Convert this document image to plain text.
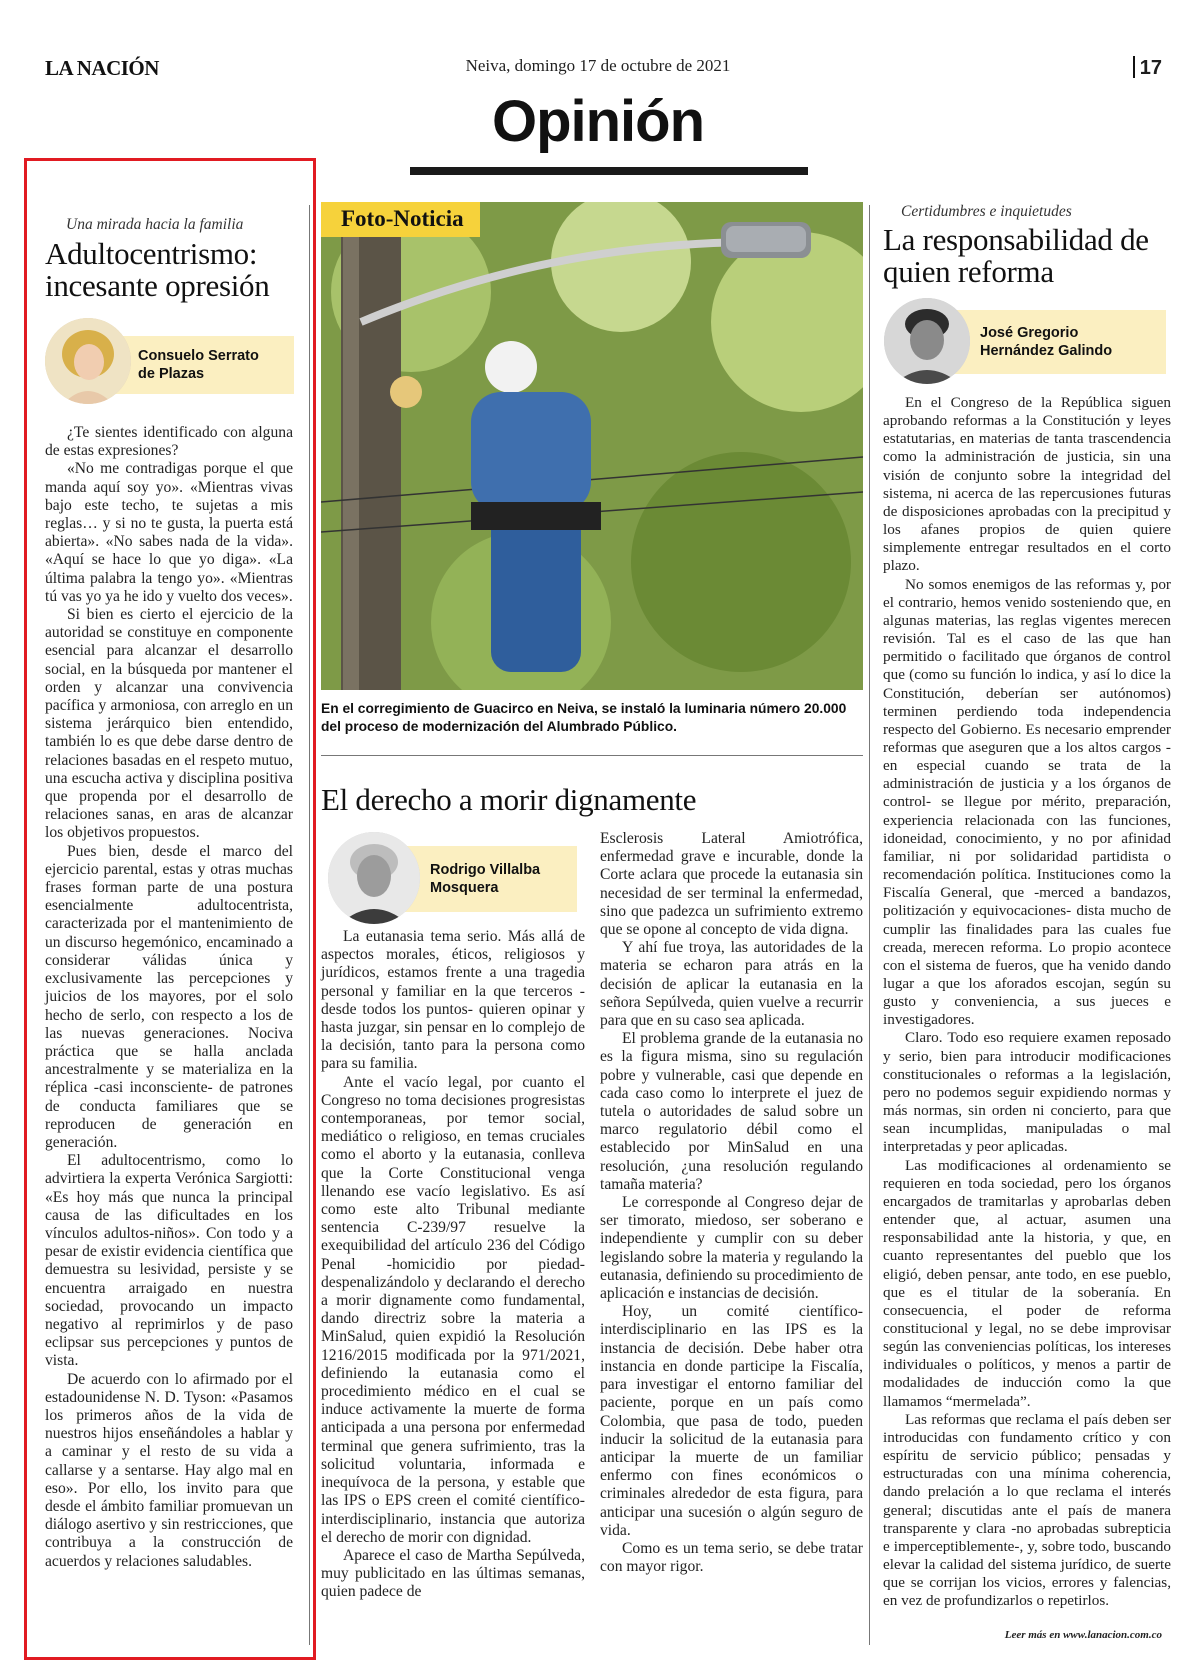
LA NACIÓN	Neiva, domingo 17 de octubre de 2021	17
Opinión
Una mirada hacia la familia
Adultocentrismo: incesante opresión
Consuelo Serrato de Plazas

¿Te sientes identificado con alguna de estas expresiones?

«No me contradigas porque el que manda aquí soy yo». «Mientras vivas bajo este techo, te sujetas a mis reglas… y si no te gusta, la puerta está abierta». «No sabes nada de la vida». «Aquí se hace lo que yo diga». «La última palabra la tengo yo». «Mientras tú vas yo ya he ido y vuelto dos veces».

Si bien es cierto el ejercicio de la autoridad se constituye en componente esencial para alcanzar el desarrollo social, en la búsqueda por mantener el orden y alcanzar una convivencia pacífica y armoniosa, con arreglo en un sistema jerárquico bien entendido, también lo es que debe darse dentro de relaciones basadas en el respeto mutuo, una escucha activa y disciplina positiva que propenda por el desarrollo de relaciones sanas, en aras de alcanzar los objetivos propuestos.

Pues bien, desde el marco del ejercicio parental, estas y otras muchas frases forman parte de una postura esencialmente adultocentrista, caracterizada por el mantenimiento de un discurso hegemónico, encaminado a considerar válidas única y exclusivamente las percepciones y juicios de los mayores, por el solo hecho de serlo, con respecto a los de las nuevas generaciones. Nociva práctica que se halla anclada ancestralmente y se materializa en la réplica -casi inconsciente- de patrones de conducta familiares que se reproducen de generación en generación.

El adultocentrismo, como lo advirtiera la experta Verónica Sargiotti: «Es hoy más que nunca la principal causa de las dificultades en los vínculos adultos-niños». Con todo y a pesar de existir evidencia científica que demuestra su lesividad, persiste y se encuentra arraigado en nuestra sociedad, provocando un impacto negativo al reprimirlos y de paso eclipsar sus percepciones y puntos de vista.

De acuerdo con lo afirmado por el estadounidense N. D. Tyson: «Pasamos los primeros años de la vida de nuestros hijos enseñándoles a hablar y a caminar y el resto de su vida a callarse y a sentarse. Hay algo mal en eso». Por ello, los invito para que desde el ámbito familiar promuevan un diálogo asertivo y sin restricciones, que contribuya a la construcción de acuerdos y relaciones saludables.

Foto-Noticia
En el corregimiento de Guacirco en Neiva, se instaló la luminaria número 20.000 del proceso de modernización del Alumbrado Público.
El derecho a morir dignamente
Rodrigo Villalba Mosquera

La eutanasia tema serio. Más allá de aspectos morales, éticos, religiosos y jurídicos, estamos frente a una tragedia personal y familiar en la que terceros -desde todos los puntos- quieren opinar y hasta juzgar, sin pensar en lo complejo de la decisión, tanto para la persona como para su familia.

Ante el vacío legal, por cuanto el Congreso no toma decisiones progresistas contemporaneas, por temor social, mediático o religioso, en temas cruciales como el aborto y la eutanasia, conlleva que la Corte Constitucional venga llenando ese vacío legislativo. Es así como este alto Tribunal mediante sentencia C-239/97 resuelve la exequibilidad del artículo 236 del Código Penal -homicidio por piedad- despenalizándolo y declarando el derecho a morir dignamente como fundamental, dando directriz sobre la materia a MinSalud, quien expidió la Resolución 1216/2015 modificada por la 971/2021, definiendo la eutanasia como el procedimiento médico en el cual se induce activamente la muerte de forma anticipada a una persona por enfermedad terminal que genera sufrimiento, tras la solicitud voluntaria, informada e inequívoca de la persona, y estable que las IPS o EPS creen el comité científico-interdisciplinario, instancia que autoriza el derecho de morir con dignidad.

Aparece el caso de Martha Sepúlveda, muy publicitado en las últimas semanas, quien padece de

Esclerosis Lateral Amiotrófica, enfermedad grave e incurable, donde la Corte aclara que procede la eutanasia sin necesidad de ser terminal la enfermedad, sino que padezca un sufrimiento extremo que se opone al concepto de vida digna.

Y ahí fue troya, las autoridades de la materia se echaron para atrás en la decisión de aplicar la eutanasia en la señora Sepúlveda, quien vuelve a recurrir para que en su caso sea aplicada.

El problema grande de la eutanasia no es la figura misma, sino su regulación pobre y vulnerable, casi que depende en cada caso como lo interprete el juez de tutela o autoridades de salud sobre un marco regulatorio débil como el establecido por MinSalud en una resolución, ¿una resolución regulando tamaña materia?

Le corresponde al Congreso dejar de ser timorato, miedoso, ser soberano e independiente y cumplir con su deber legislando sobre la materia y regulando la eutanasia, definiendo su procedimiento de aplicación e instancias de decisión.

Hoy, un comité científico-interdisciplinario en las IPS es la instancia de decisión. Debe haber otra instancia en donde participe la Fiscalía, para investigar el entorno familiar del paciente, porque en un país como Colombia, que pasa de todo, pueden inducir la solicitud de la eutanasia para anticipar la muerte de un familiar enfermo con fines económicos o criminales alrededor de esta figura, para anticipar una sucesión o algún seguro de vida.

Como es un tema serio, se debe tratar con mayor rigor.

Certidumbres e inquietudes
La responsabilidad de quien reforma
José Gregorio Hernández Galindo

En el Congreso de la República siguen aprobando reformas a la Constitución y leyes estatutarias, en materias de tanta trascendencia como la administración de justicia, sin una visión de conjunto sobre la integridad del sistema, ni acerca de las repercusiones futuras de disposiciones aprobadas con la precipitud y los afanes propios de quien quiere simplemente entregar resultados en el corto plazo.

No somos enemigos de las reformas y, por el contrario, hemos venido sosteniendo que, en algunas materias, las reglas vigentes merecen revisión. Tal es el caso de las que han permitido o facilitado que órganos de control que (como su función lo indica, y así lo dice la Constitución, deberían ser autónomos) terminen perdiendo toda independencia respecto del Gobierno. Es necesario emprender reformas que aseguren que a los altos cargos -en especial cuando se trata de la administración de justicia y a los órganos de control- se llegue por mérito, preparación, experiencia relacionada con las funciones, idoneidad, conocimiento, y no por afinidad familiar, ni por solidaridad partidista o recomendación política. Instituciones como la Fiscalía General, que -merced a bandazos, politización y equivocaciones- dista mucho de cumplir las finalidades para las cuales fue creada, merecen reforma. Lo propio acontece con el sistema de fueros, que ha venido dando lugar a que los aforados escojan, según su gusto y conveniencia, a sus jueces e investigadores.

Claro. Todo eso requiere examen reposado y serio, bien para introducir modificaciones constitucionales o reformas a la legislación, pero no podemos seguir expidiendo normas y más normas, sin orden ni concierto, para que sean incumplidas, manipuladas o mal interpretadas y peor aplicadas.

Las modificaciones al ordenamiento se requieren en toda sociedad, pero los órganos encargados de tramitarlas y aprobarlas deben entender que, al actuar, asumen una responsabilidad ante la historia, y que, en cuanto representantes del pueblo que los eligió, deben pensar, ante todo, en ese pueblo, que es el titular de la soberanía. En consecuencia, el poder de reforma constitucional y legal, no se debe improvisar según las conveniencias políticas, los intereses individuales o políticos, y menos a partir de modalidades de inducción como la que llamamos “mermelada”.

Las reformas que reclama el país deben ser introducidas con fundamento crítico y con espíritu de servicio público; pensadas y estructuradas con una mínima coherencia, dando prelación a lo que reclama el interés general; discutidas ante el país de manera transparente y clara -no aprobadas subrepticia e imperceptiblemente-, y, sobre todo, buscando elevar la calidad del sistema jurídico, de suerte que se corrijan los vicios, errores y falencias, en vez de profundizarlos o repetirlos.

Leer más en www.lanacion.com.co
